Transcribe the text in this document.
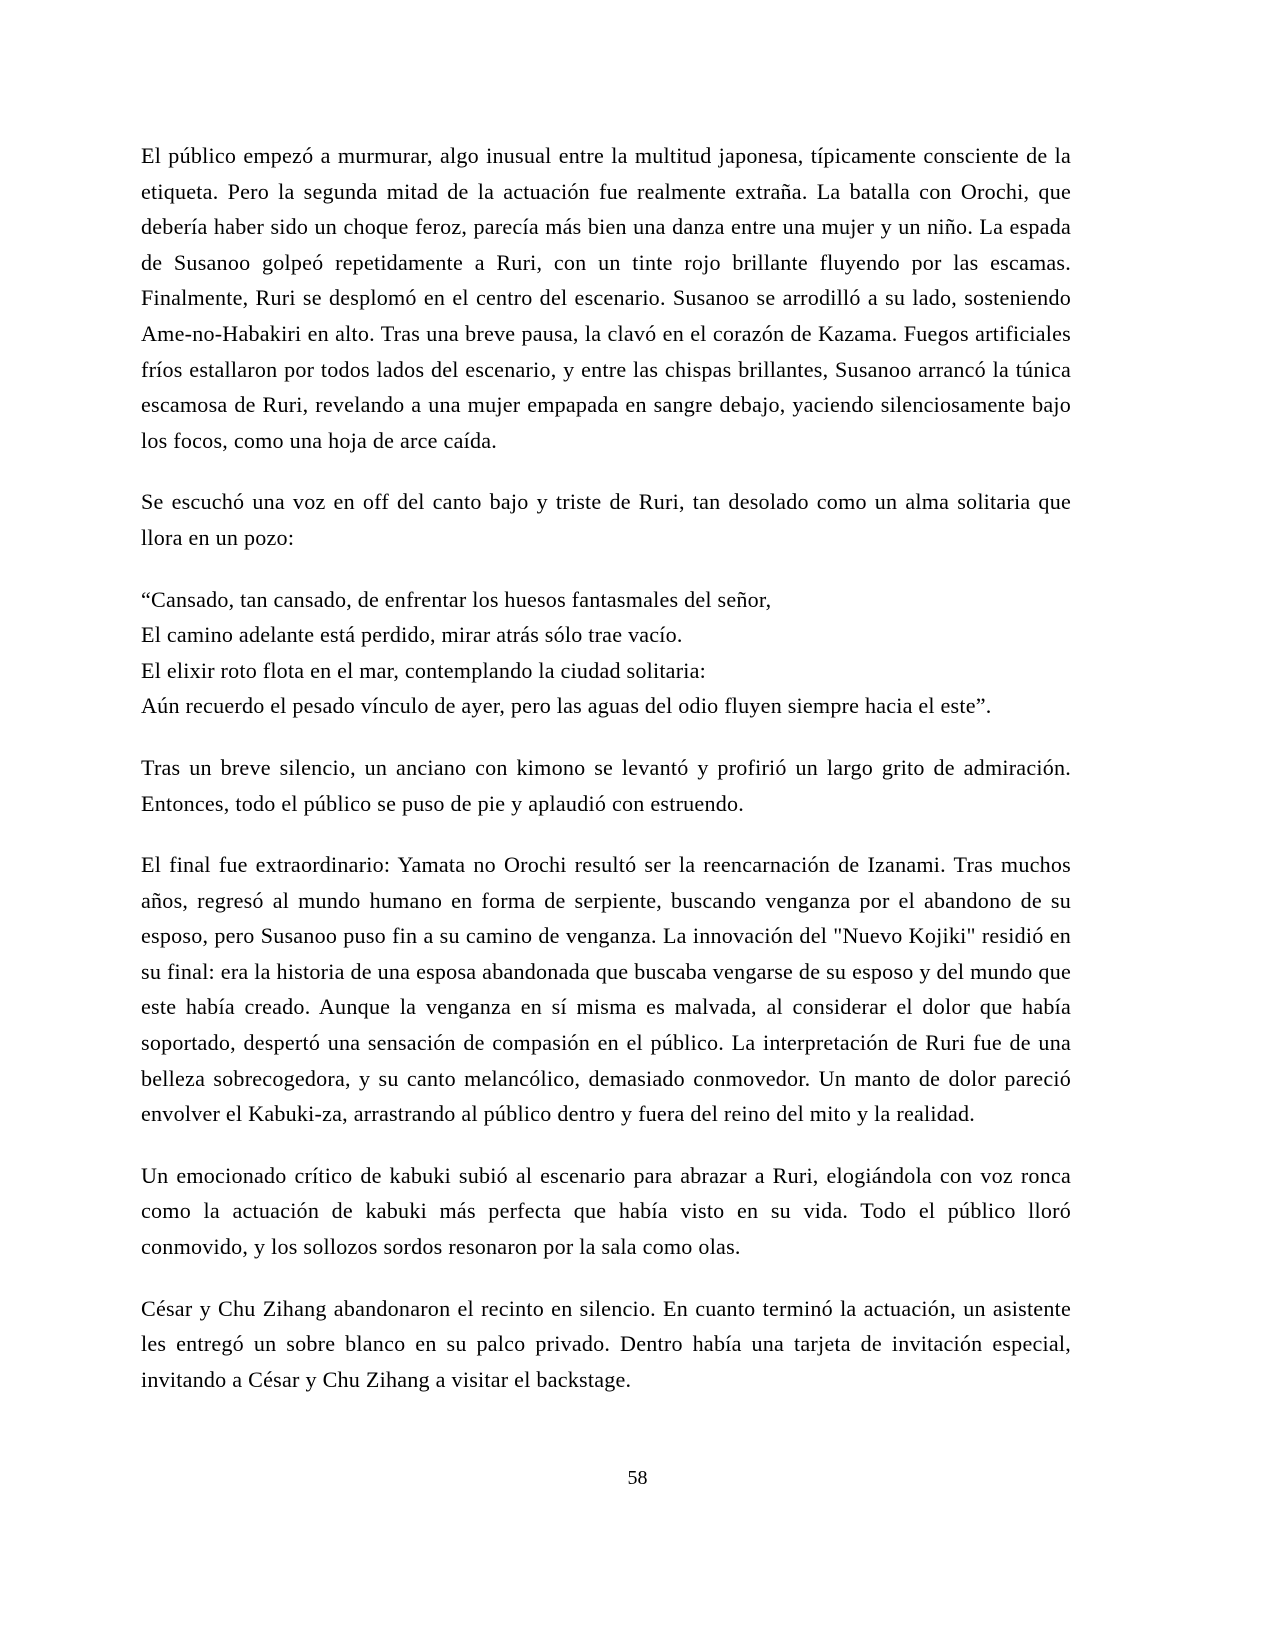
El público empezó a murmurar, algo inusual entre la multitud japonesa, típicamente consciente de la etiqueta. Pero la segunda mitad de la actuación fue realmente extraña. La batalla con Orochi, que debería haber sido un choque feroz, parecía más bien una danza entre una mujer y un niño. La espada de Susanoo golpeó repetidamente a Ruri, con un tinte rojo brillante fluyendo por las escamas. Finalmente, Ruri se desplomó en el centro del escenario. Susanoo se arrodilló a su lado, sosteniendo Ame-no-Habakiri en alto. Tras una breve pausa, la clavó en el corazón de Kazama. Fuegos artificiales fríos estallaron por todos lados del escenario, y entre las chispas brillantes, Susanoo arrancó la túnica escamosa de Ruri, revelando a una mujer empapada en sangre debajo, yaciendo silenciosamente bajo los focos, como una hoja de arce caída.

Se escuchó una voz en off del canto bajo y triste de Ruri, tan desolado como un alma solitaria que llora en un pozo:

“Cansado, tan cansado, de enfrentar los huesos fantasmales del señor,
El camino adelante está perdido, mirar atrás sólo trae vacío.
El elixir roto flota en el mar, contemplando la ciudad solitaria:
Aún recuerdo el pesado vínculo de ayer, pero las aguas del odio fluyen siempre hacia el este”.

Tras un breve silencio, un anciano con kimono se levantó y profirió un largo grito de admiración. Entonces, todo el público se puso de pie y aplaudió con estruendo.

El final fue extraordinario: Yamata no Orochi resultó ser la reencarnación de Izanami. Tras muchos años, regresó al mundo humano en forma de serpiente, buscando venganza por el abandono de su esposo, pero Susanoo puso fin a su camino de venganza. La innovación del "Nuevo Kojiki" residió en su final: era la historia de una esposa abandonada que buscaba vengarse de su esposo y del mundo que este había creado. Aunque la venganza en sí misma es malvada, al considerar el dolor que había soportado, despertó una sensación de compasión en el público. La interpretación de Ruri fue de una belleza sobrecogedora, y su canto melancólico, demasiado conmovedor. Un manto de dolor pareció envolver el Kabuki-za, arrastrando al público dentro y fuera del reino del mito y la realidad.

Un emocionado crítico de kabuki subió al escenario para abrazar a Ruri, elogiándola con voz ronca como la actuación de kabuki más perfecta que había visto en su vida. Todo el público lloró conmovido, y los sollozos sordos resonaron por la sala como olas.

César y Chu Zihang abandonaron el recinto en silencio. En cuanto terminó la actuación, un asistente les entregó un sobre blanco en su palco privado. Dentro había una tarjeta de invitación especial, invitando a César y Chu Zihang a visitar el backstage.

58
